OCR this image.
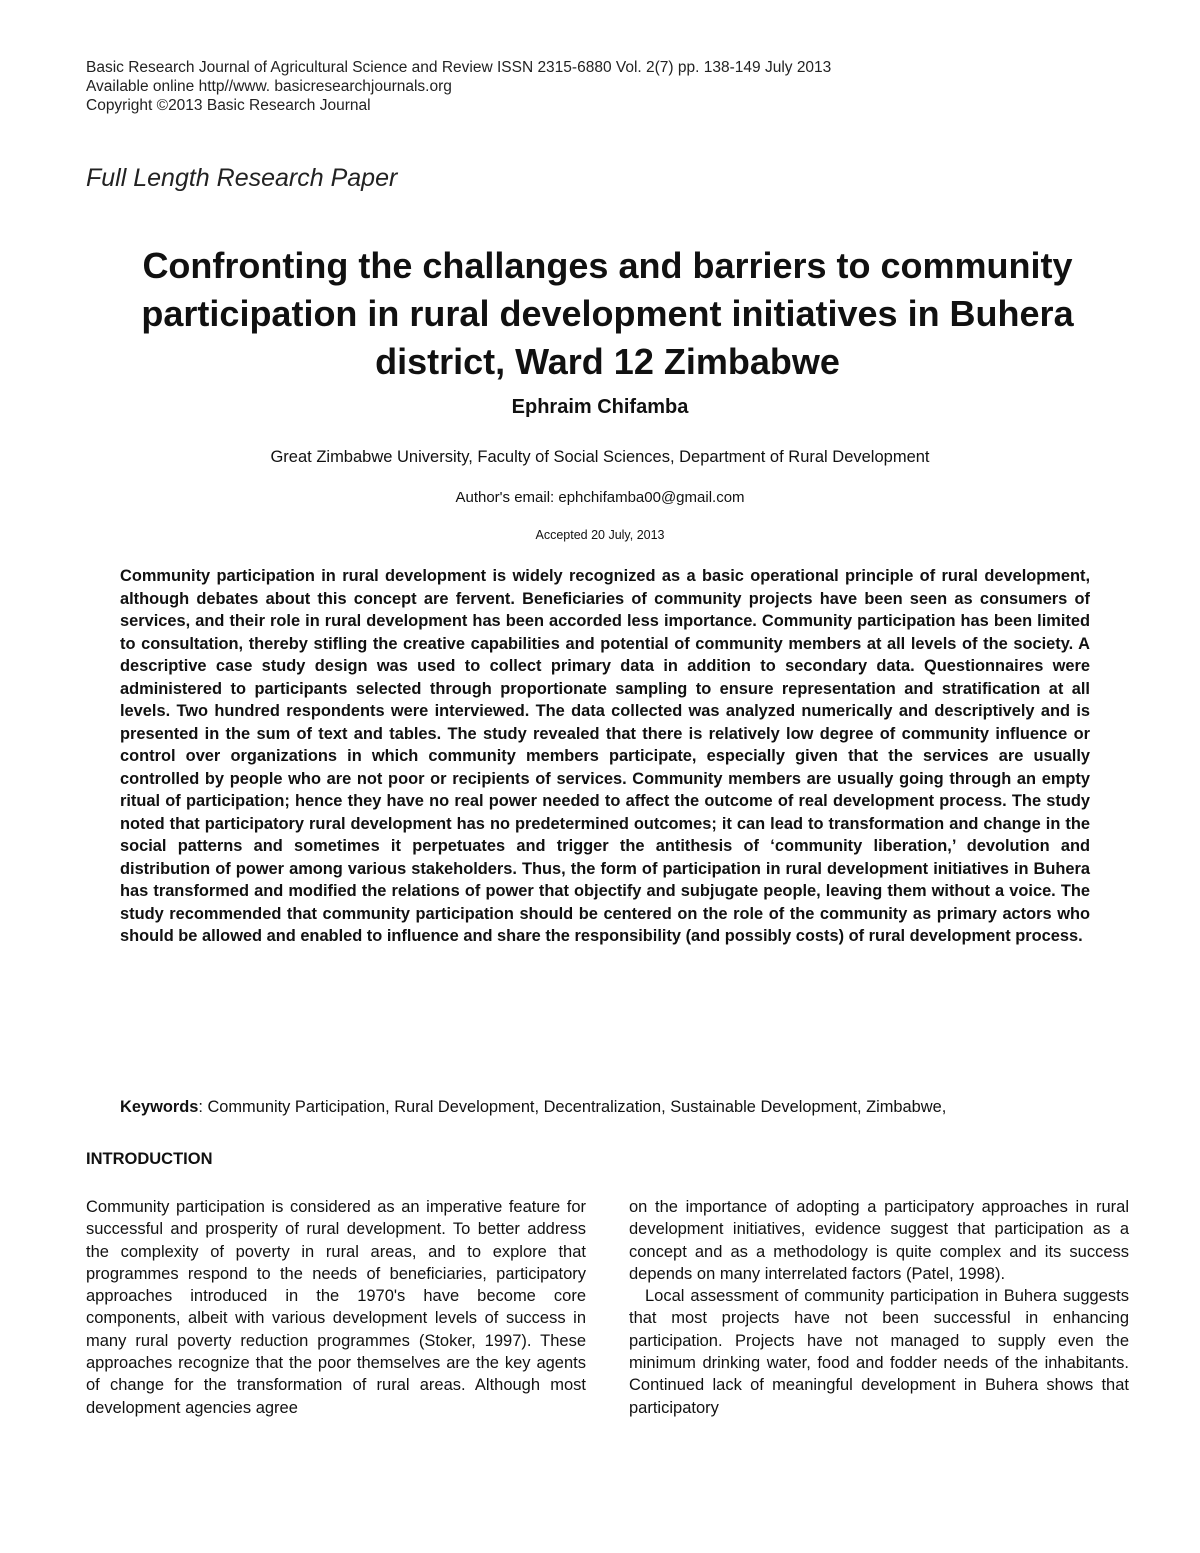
Basic Research Journal of Agricultural Science and Review ISSN 2315-6880 Vol. 2(7) pp. 138-149 July 2013
Available online http//www. basicresearchjournals.org
Copyright ©2013 Basic Research Journal
Full Length Research Paper
Confronting the challanges and barriers to community participation in rural development initiatives in Buhera district, Ward 12 Zimbabwe
Ephraim Chifamba
Great Zimbabwe University, Faculty of Social Sciences, Department of Rural Development
Author's email: ephchifamba00@gmail.com
Accepted 20 July, 2013

Community participation in rural development is widely recognized as a basic operational principle of rural development, although debates about this concept are fervent. Beneficiaries of community projects have been seen as consumers of services, and their role in rural development has been accorded less importance. Community participation has been limited to consultation, thereby stifling the creative capabilities and potential of community members at all levels of the society. A descriptive case study design was used to collect primary data in addition to secondary data. Questionnaires were administered to participants selected through proportionate sampling to ensure representation and stratification at all levels. Two hundred respondents were interviewed. The data collected was analyzed numerically and descriptively and is presented in the sum of text and tables. The study revealed that there is relatively low degree of community influence or control over organizations in which community members participate, especially given that the services are usually controlled by people who are not poor or recipients of services. Community members are usually going through an empty ritual of participation; hence they have no real power needed to affect the outcome of real development process. The study noted that participatory rural development has no predetermined outcomes; it can lead to transformation and change in the social patterns and sometimes it perpetuates and trigger the antithesis of ‘community liberation,’ devolution and distribution of power among various stakeholders. Thus, the form of participation in rural development initiatives in Buhera has transformed and modified the relations of power that objectify and subjugate people, leaving them without a voice. The study recommended that community participation should be centered on the role of the community as primary actors who should be allowed and enabled to influence and share the responsibility (and possibly costs) of rural development process.

Keywords: Community Participation, Rural Development, Decentralization, Sustainable Development, Zimbabwe,

INTRODUCTION

Community participation is considered as an imperative feature for successful and prosperity of rural development. To better address the complexity of poverty in rural areas, and to explore that programmes respond to the needs of beneficiaries, participatory approaches introduced in the 1970's have become core components, albeit with various development levels of success in many rural poverty reduction programmes (Stoker, 1997). These approaches recognize that the poor themselves are the key agents of change for the transformation of rural areas. Although most development agencies agree

on the importance of adopting a participatory approaches in rural development initiatives, evidence suggest that participation as a concept and as a methodology is quite complex and its success depends on many interrelated factors (Patel, 1998).

Local assessment of community participation in Buhera suggests that most projects have not been successful in enhancing participation. Projects have not managed to supply even the minimum drinking water, food and fodder needs of the inhabitants. Continued lack of meaningful development in Buhera shows that participatory
